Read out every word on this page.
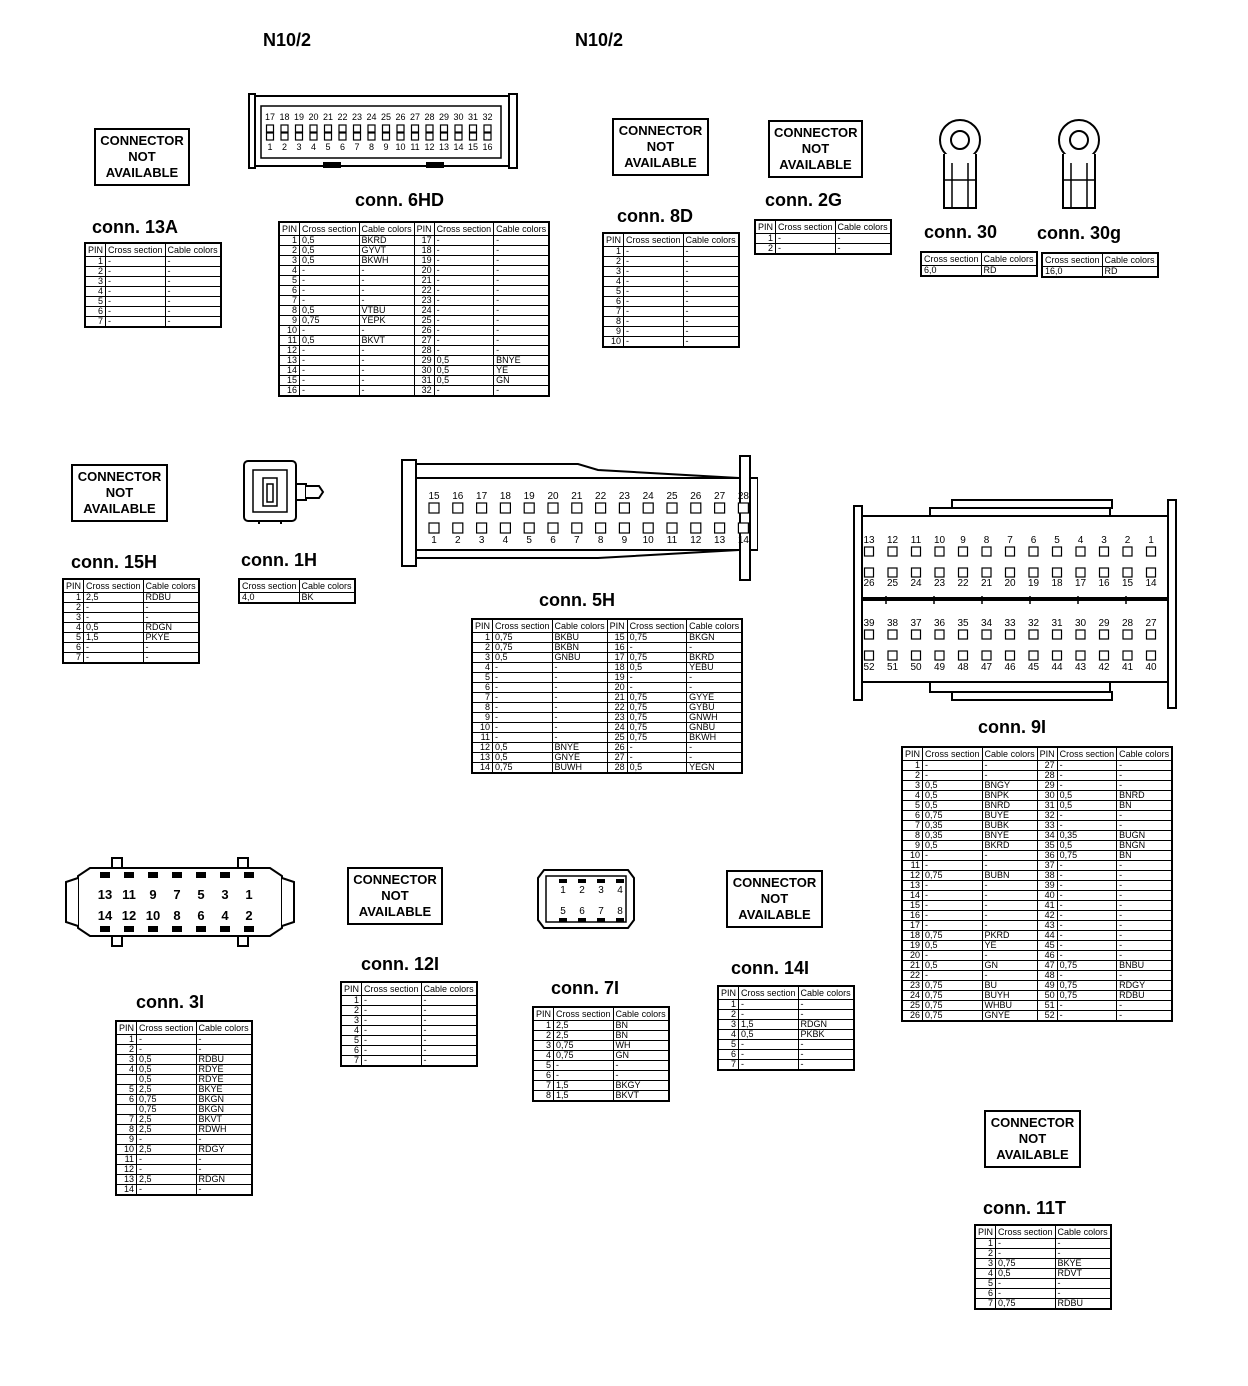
N10/2	N10/2
CONNECTOR
NOT
AVAILABLE
CONNECTOR
NOT
AVAILABLE
CONNECTOR
NOT
AVAILABLE
CONNECTOR
NOT
AVAILABLE
CONNECTOR
NOT
AVAILABLE
CONNECTOR
NOT
AVAILABLE
CONNECTOR
NOT
AVAILABLE
17 18 19 20 21 22 23 24 25 26 27 28 29 30 31 32
1 2 3 4 5 6 7 8 9 10 11 12 13 14 15 16
15 16 17 18 19 20 21 22 23 24 25 26 27 28
1 2 3 4 5 6 7 8 9 10 11 12 13 14	13 12 11 10 9 8 7 6 5 4 3 2 1
26 25 24 23 22 21 20 19 18 17 16 15 14
39 38 37 36 35 34 33 32 31 30 29 28 27
52 51 50 49 48 47 46 45 44 43 42 41 40
13 11 9 7 5 3 1
14 12 10 8 6 4 2
1 2 3 4
5 6 7 8
conn. 13A
conn. 6HD
conn. 8D
conn. 2G
conn. 30 conn. 30g
conn. 15H	conn. 1H
conn. 5H
conn. 9I
conn. 3I
conn. 12I
conn. 7I
conn. 14I
conn. 11T
PIN	Cross section	Cable colors
1	-	-
2	-	-
3	-	-
4	-	-
5	-	-
6	-	-
7	-	-
PIN	Cross section	Cable colors	PIN	Cross section	Cable colors
1	0,5	BKRD	17	-	-
2	0,5	GYVT	18	-	-
3	0,5	BKWH	19	-	-
4	-	-	20	-	-
5	-	-	21	-	-
6	-	-	22	-	-
7	-	-	23	-	-
8	0,5	VTBU	24	-	-
9	0,75	YEPK	25	-	-
10	-	-	26	-	-
11	0,5	BKVT	27	-	-
12	-	-	28	-	-
13	-	-	29	0,5	BNYE
14	-	-	30	0,5	YE
15	-	-	31	0,5	GN
16	-	-	32	-	-
PIN	Cross section	Cable colors
1	-	-
2	-	-
3	-	-
4	-	-
5	-	-
6	-	-
7	-	-
8	-	-
9	-	-
10	-	-
PIN	Cross section	Cable colors
1	-	-
2	-	-
Cross section	Cable colors
6,0	RD
Cross section	Cable colors
16,0	RD
PIN	Cross section	Cable colors
1	2,5	RDBU
2	-	-
3	-	-
4	0,5	RDGN
5	1,5	PKYE
6	-	-
7	-	-
Cross section	Cable colors
4,0	BK
PIN	Cross section	Cable colors	PIN	Cross section	Cable colors
1	0,75	BKBU	15	0,75	BKGN
2	0,75	BKBN	16	-	-
3	0,5	GNBU	17	0,75	BKRD
4	-	-	18	0,5	YEBU
5	-	-	19	-	-
6	-	-	20	-	-
7	-	-	21	0,75	GYYE
8	-	-	22	0,75	GYBU
9	-	-	23	0,75	GNWH
10	-	-	24	0,75	GNBU
11	-	-	25	0,75	BKWH
12	0,5	BNYE	26	-	-
13	0,5	GNYE	27	-	-
14	0,75	BUWH	28	0,5	YEGN
PIN	Cross section	Cable colors	PIN	Cross section	Cable colors
1	-	-	27	-	-
2	-	-	28	-	-
3	0,5	BNGY	29	-	-
4	0,5	BNPK	30	0,5	BNRD
5	0,5	BNRD	31	0,5	BN
6	0,75	BUYE	32	-	-
7	0,35	BUBK	33	-	-
8	0,35	BNYE	34	0,35	BUGN
9	0,5	BKRD	35	0,5	BNGN
10	-	-	36	0,75	BN
11	-	-	37	-	-
12	0,75	BUBN	38	-	-
13	-	-	39	-	-
14	-	-	40	-	-
15	-	-	41	-	-
16	-	-	42	-	-
17	-	-	43	-	-
18	0,75	PKRD	44	-	-
19	0,5	YE	45	-	-
20	-	-	46	-	-
21	0,5	GN	47	0,75	BNBU
22	-	-	48	-	-
23	0,75	BU	49	0,75	RDGY
24	0,75	BUYH	50	0,75	RDBU
25	0,75	WHBU	51	-	-
26	0,75	GNYE	52	-	-
PIN	Cross section	Cable colors
1	-	-
2	-	-
3	0,5	RDBU
4	0,5	RDYE
	0,5	RDYE
5	2,5	BKYE
6	0,75	BKGN
	0,75	BKGN
7	2,5	BKVT
8	2,5	RDWH
9	-	-
10	2,5	RDGY
11	-	-
12	-	-
13	2,5	RDGN
14	-	-
PIN	Cross section	Cable colors
1	-	-
2	-	-
3	-	-
4	-	-
5	-	-
6	-	-
7	-	-
PIN	Cross section	Cable colors
1	2,5	BN
2	2,5	BN
3	0,75	WH
4	0,75	GN
5	-	-
6	-	-
7	1,5	BKGY
8	1,5	BKVT
PIN	Cross section	Cable colors
1	-	-
2	-	-
3	1,5	RDGN
4	0,5	PKBK
5	-	-
6	-	-
7	-	-
PIN	Cross section	Cable colors
1	-	-
2	-	-
3	0,75	BKYE
4	0,5	RDVT
5	-	-
6	-	-
7	0,75	RDBU
